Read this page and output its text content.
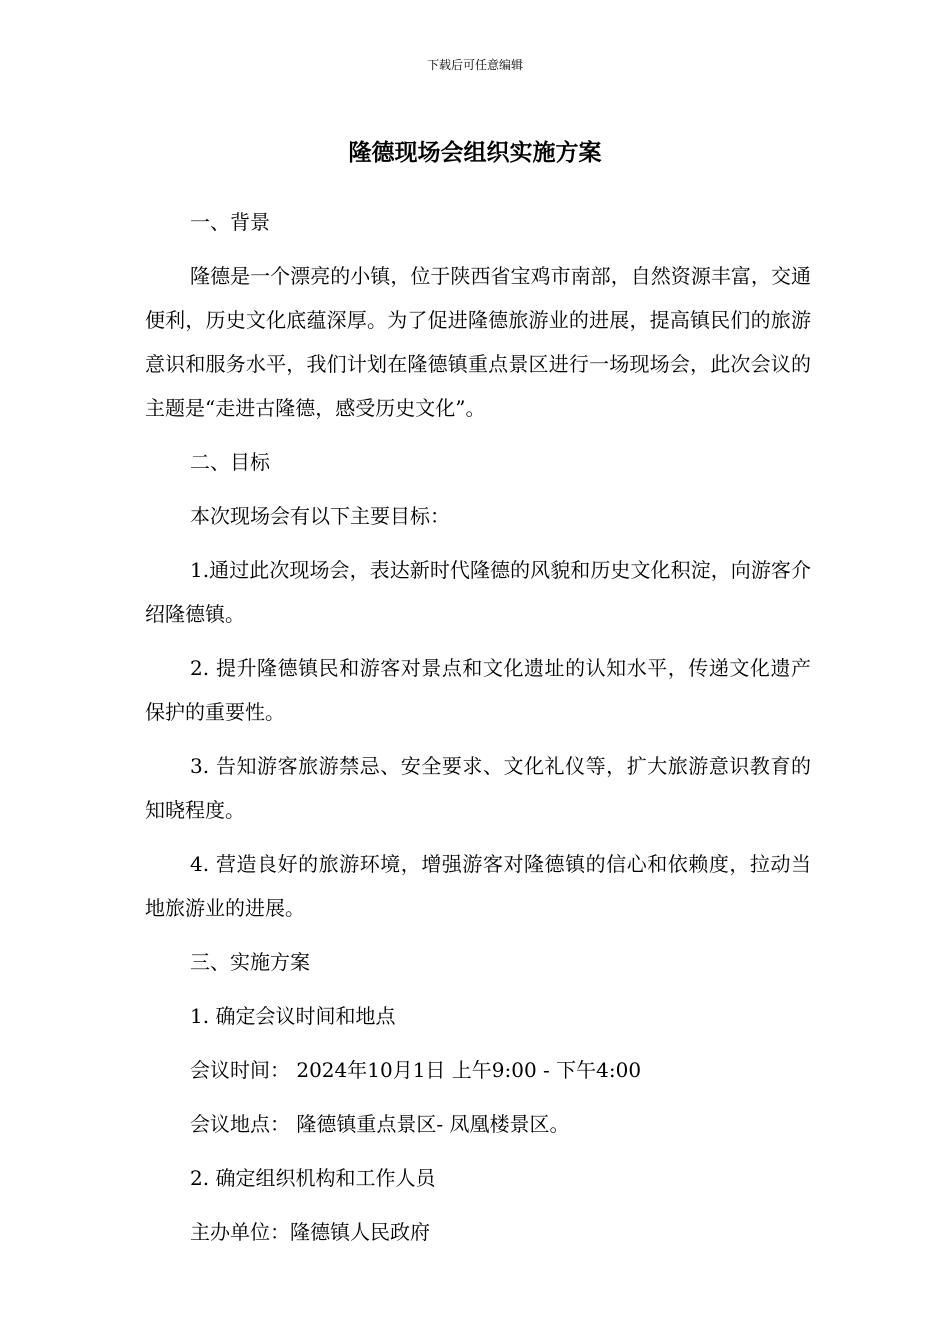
下载后可任意编辑
隆德现场会组织实施方案

一、背景

隆德是一个漂亮的小镇，位于陕西省宝鸡市南部，自然资源丰富，交通便利，历史文化底蕴深厚。为了促进隆德旅游业的进展，提高镇民们的旅游意识和服务水平，我们计划在隆德镇重点景区进行一场现场会，此次会议的主题是“走进古隆德，感受历史文化”。

二、目标

本次现场会有以下主要目标：

1.通过此次现场会，表达新时代隆德的风貌和历史文化积淀，向游客介绍隆德镇。

2. 提升隆德镇民和游客对景点和文化遗址的认知水平，传递文化遗产保护的重要性。

3. 告知游客旅游禁忌、安全要求、文化礼仪等，扩大旅游意识教育的知晓程度。

4. 营造良好的旅游环境，增强游客对隆德镇的信心和依赖度，拉动当地旅游业的进展。

三、实施方案

1. 确定会议时间和地点

会议时间： 2024年10月1日 上午9:00 - 下午4:00

会议地点： 隆德镇重点景区- 凤凰楼景区。

2. 确定组织机构和工作人员

主办单位：隆德镇人民政府
